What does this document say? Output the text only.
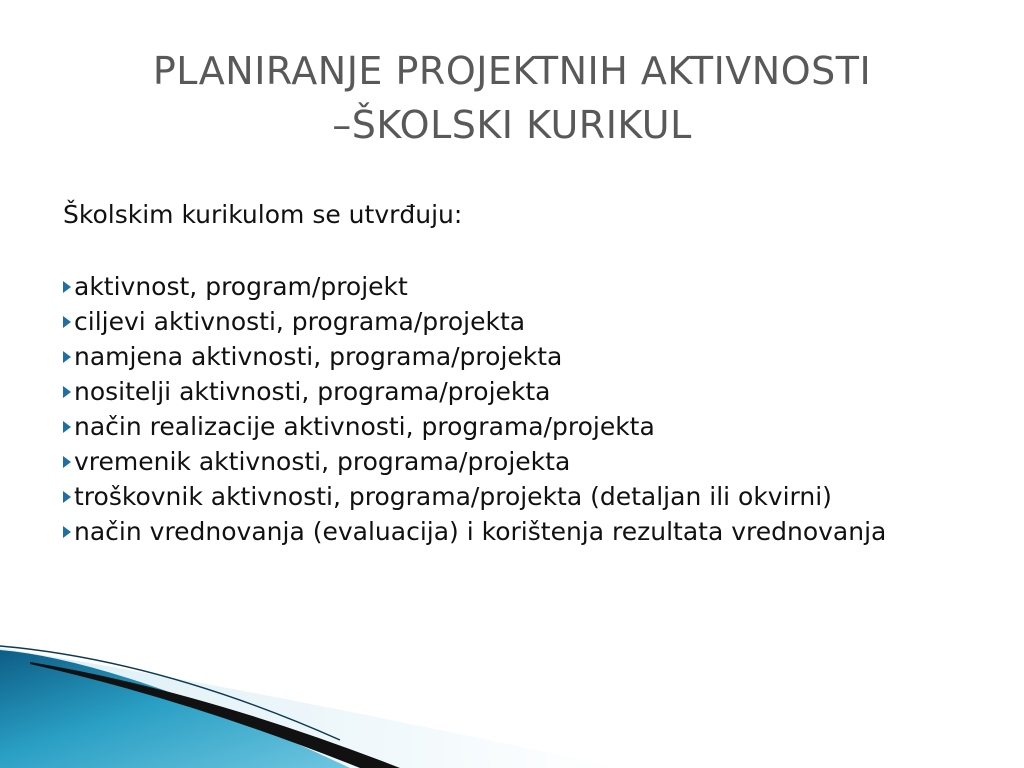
PLANIRANJE PROJEKTNIH AKTIVNOSTI
–ŠKOLSKI KURIKUL

Školskim kurikulom se utvrđuju:

aktivnost, program/projekt
ciljevi aktivnosti, programa/projekta
namjena aktivnosti, programa/projekta
nositelji aktivnosti, programa/projekta
način realizacije aktivnosti, programa/projekta
vremenik aktivnosti, programa/projekta
troškovnik aktivnosti, programa/projekta (detaljan ili okvirni)
način vrednovanja (evaluacija) i korištenja rezultata vrednovanja
